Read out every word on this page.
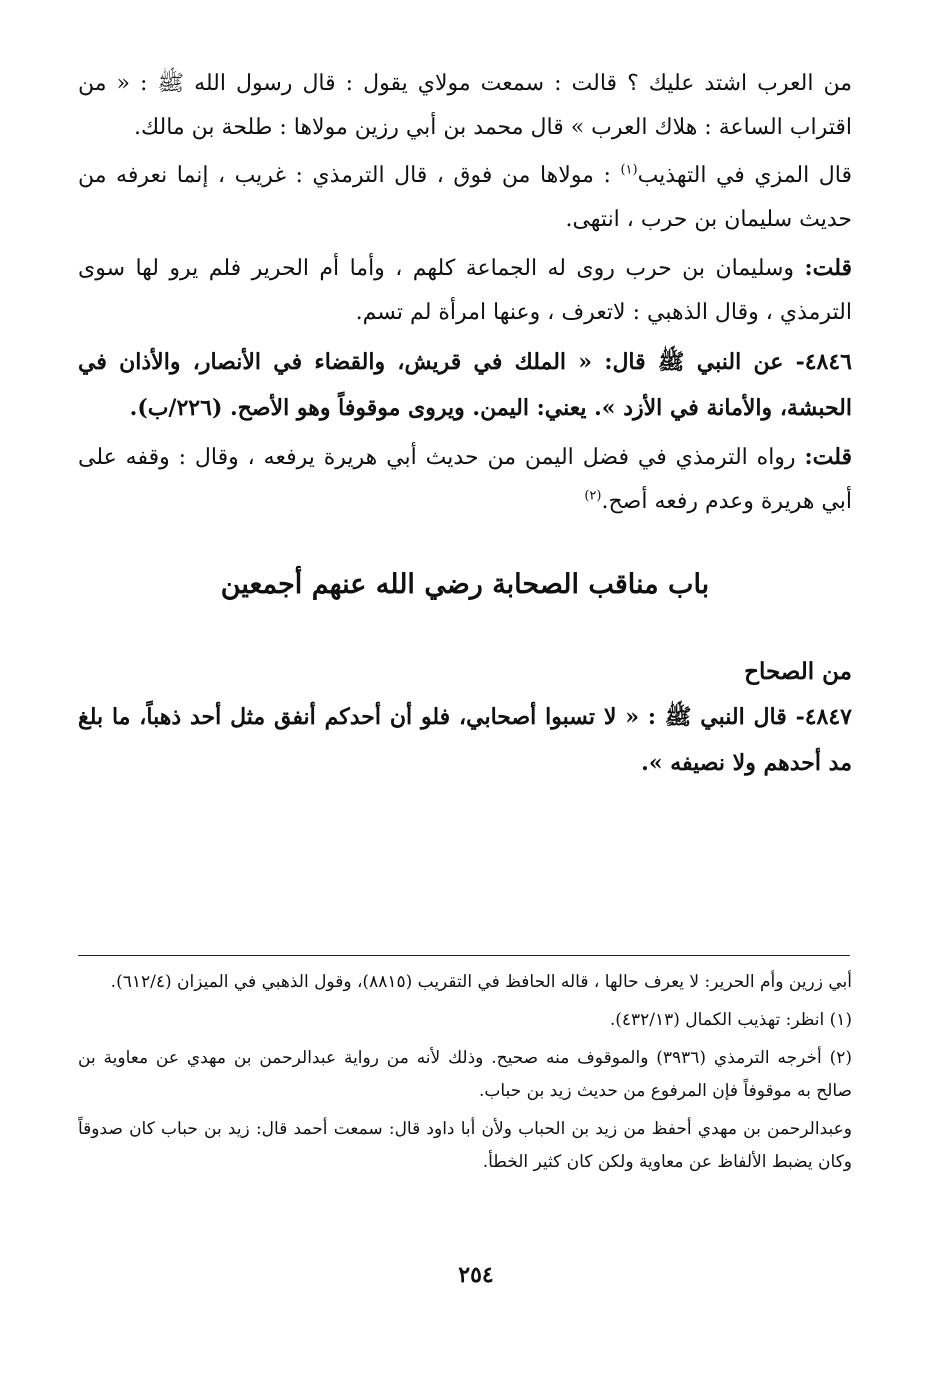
من العرب اشتد عليك ؟ قالت : سمعت مولاي يقول : قال رسول الله ﷺ : « من اقتراب الساعة : هلاك العرب » قال محمد بن أبي رزين مولاها : طلحة بن مالك.

قال المزي في التهذيب$^{(١)}$ : مولاها من فوق ، قال الترمذي : غريب ، إنما نعرفه من حديث سليمان بن حرب ، انتهى.

قلت: وسليمان بن حرب روى له الجماعة كلهم ، وأما أم الحرير فلم يرو لها سوى الترمذي ، وقال الذهبي : لاتعرف ، وعنها امرأة لم تسم.

٤٨٤٦- عن النبي ﷺ قال: « الملك في قريش، والقضاء في الأنصار، والأذان في الحبشة، والأمانة في الأزد ». يعني: اليمن. ويروى موقوفاً وهو الأصح. (٢٢٦/ب).

قلت: رواه الترمذي في فضل اليمن من حديث أبي هريرة يرفعه ، وقال : وقفه على أبي هريرة وعدم رفعه أصح.$^{(٢)}$

باب مناقب الصحابة رضي الله عنهم أجمعين

من الصحاح

٤٨٤٧- قال النبي ﷺ : « لا تسبوا أصحابي، فلو أن أحدكم أنفق مثل أحد ذهباً، ما بلغ مد أحدهم ولا نصيفه ».

أبي زرين وأم الحرير: لا يعرف حالها ، قاله الحافظ في التقريب (٨٨١٥)، وقول الذهبي في الميزان (٦١٢/٤).

(١) انظر: تهذيب الكمال (٤٣٢/١٣).

(٢) أخرجه الترمذي (٣٩٣٦) والموقوف منه صحيح. وذلك لأنه من رواية عبدالرحمن بن مهدي عن معاوية بن صالح به موقوفاً فإن المرفوع من حديث زيد بن حباب.

وعبدالرحمن بن مهدي أحفظ من زيد بن الحباب ولأن أبا داود قال: سمعت أحمد قال: زيد بن حباب كان صدوقاً وكان يضبط الألفاظ عن معاوية ولكن كان كثير الخطأ.

٢٥٤
